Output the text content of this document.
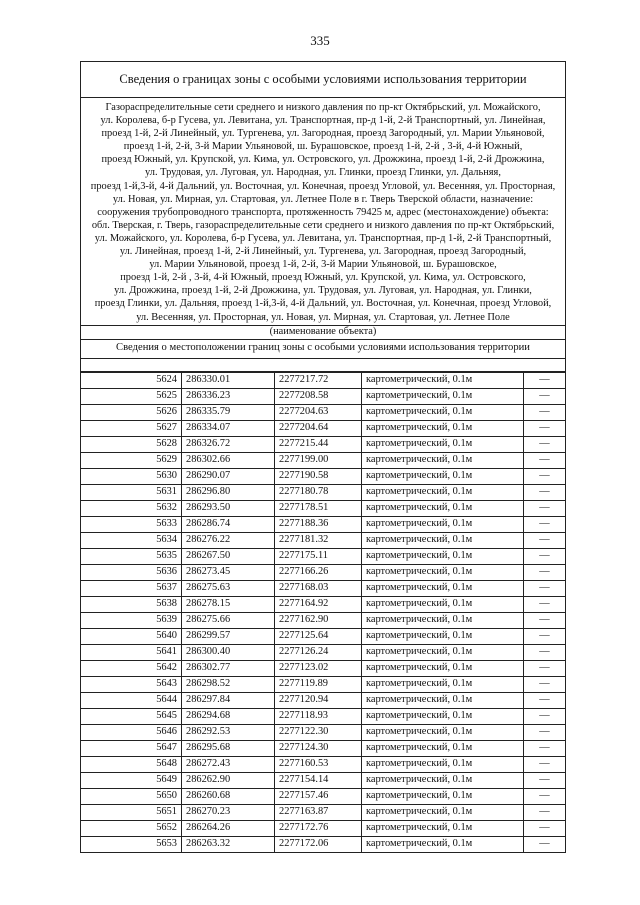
335
Сведения о границах зоны с особыми условиями использования территории
Газораспределительные сети среднего и низкого давления по пр-кт Октябрьский, ул. Можайского,
ул. Королева, б-р Гусева, ул. Левитана, ул. Транспортная, пр-д 1-й, 2-й Транспортный, ул. Линейная,
проезд 1-й, 2-й Линейный, ул. Тургенева, ул. Загородная, проезд Загородный, ул. Марии Ульяновой,
проезд 1-й, 2-й, 3-й Марии Ульяновой, ш. Бурашовское, проезд 1-й, 2-й , 3-й, 4-й Южный,
проезд Южный, ул. Крупской, ул. Кима, ул. Островского, ул. Дрожжина, проезд 1-й, 2-й Дрожжина,
ул. Трудовая, ул. Луговая, ул. Народная, ул. Глинки, проезд Глинки, ул. Дальняя,
проезд 1-й,3-й, 4-й Дальний, ул. Восточная, ул. Конечная, проезд Угловой, ул. Весенняя, ул. Просторная,
ул. Новая, ул. Мирная, ул. Стартовая, ул. Летнее Поле в г. Тверь Тверской области, назначение:
сооружения трубопроводного транспорта, протяженность 79425 м, адрес (местонахождение) объекта:
обл. Тверская, г. Тверь, газораспределительные сети среднего и низкого давления по пр-кт Октябрьский,
ул. Можайского, ул. Королева, б-р Гусева, ул. Левитана, ул. Транспортная, пр-д 1-й, 2-й Транспортный,
ул. Линейная, проезд 1-й, 2-й Линейный, ул. Тургенева, ул. Загородная, проезд Загородный,
ул. Марии Ульяновой, проезд 1-й, 2-й, 3-й Марии Ульяновой, ш. Бурашовское,
проезд 1-й, 2-й , 3-й, 4-й Южный, проезд Южный, ул. Крупской, ул. Кима, ул. Островского,
ул. Дрожжина, проезд 1-й, 2-й Дрожжина, ул. Трудовая, ул. Луговая, ул. Народная, ул. Глинки,
проезд Глинки, ул. Дальняя, проезд 1-й,3-й, 4-й Дальний, ул. Восточная, ул. Конечная, проезд Угловой,
ул. Весенняя, ул. Просторная, ул. Новая, ул. Мирная, ул. Стартовая, ул. Летнее Поле
(наименование объекта)
Сведения о местоположении границ зоны с особыми условиями использования территории
5624	286330.01	2277217.72	картометрический, 0.1м	—
5625	286336.23	2277208.58	картометрический, 0.1м	—
5626	286335.79	2277204.63	картометрический, 0.1м	—
5627	286334.07	2277204.64	картометрический, 0.1м	—
5628	286326.72	2277215.44	картометрический, 0.1м	—
5629	286302.66	2277199.00	картометрический, 0.1м	—
5630	286290.07	2277190.58	картометрический, 0.1м	—
5631	286296.80	2277180.78	картометрический, 0.1м	—
5632	286293.50	2277178.51	картометрический, 0.1м	—
5633	286286.74	2277188.36	картометрический, 0.1м	—
5634	286276.22	2277181.32	картометрический, 0.1м	—
5635	286267.50	2277175.11	картометрический, 0.1м	—
5636	286273.45	2277166.26	картометрический, 0.1м	—
5637	286275.63	2277168.03	картометрический, 0.1м	—
5638	286278.15	2277164.92	картометрический, 0.1м	—
5639	286275.66	2277162.90	картометрический, 0.1м	—
5640	286299.57	2277125.64	картометрический, 0.1м	—
5641	286300.40	2277126.24	картометрический, 0.1м	—
5642	286302.77	2277123.02	картометрический, 0.1м	—
5643	286298.52	2277119.89	картометрический, 0.1м	—
5644	286297.84	2277120.94	картометрический, 0.1м	—
5645	286294.68	2277118.93	картометрический, 0.1м	—
5646	286292.53	2277122.30	картометрический, 0.1м	—
5647	286295.68	2277124.30	картометрический, 0.1м	—
5648	286272.43	2277160.53	картометрический, 0.1м	—
5649	286262.90	2277154.14	картометрический, 0.1м	—
5650	286260.68	2277157.46	картометрический, 0.1м	—
5651	286270.23	2277163.87	картометрический, 0.1м	—
5652	286264.26	2277172.76	картометрический, 0.1м	—
5653	286263.32	2277172.06	картометрический, 0.1м	—
